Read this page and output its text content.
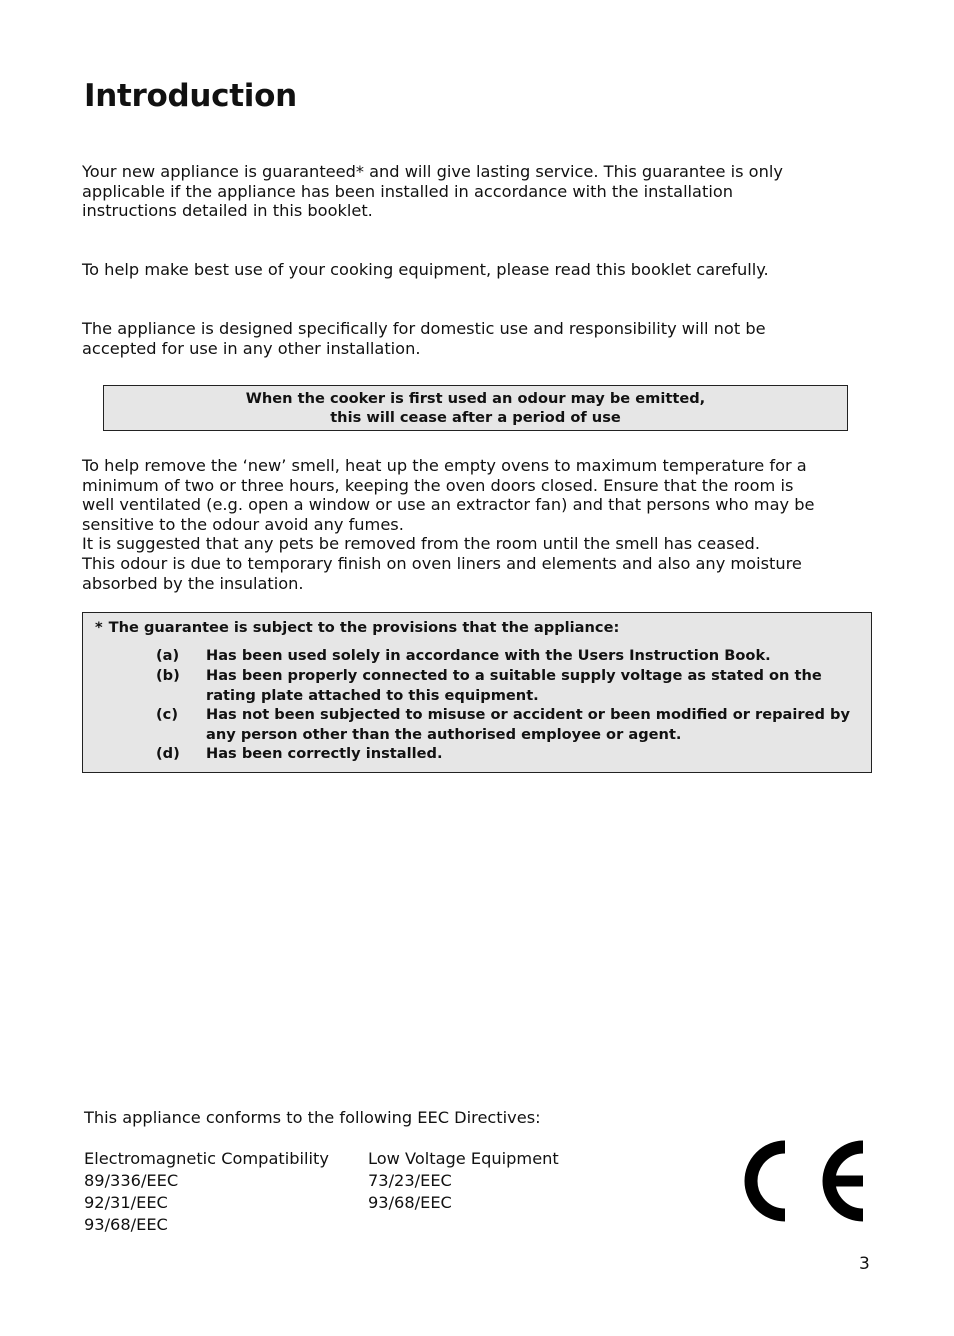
Introduction

Your new appliance is guaranteed* and will give lasting service. This guarantee is only
applicable if the appliance has been installed in accordance with the installation
instructions detailed in this booklet.

To help make best use of your cooking equipment, please read this booklet carefully.

The appliance is designed specifically for domestic use and responsibility will not be
accepted for use in any other installation.

When the cooker is first used an odour may be emitted,
this will cease after a period of use

To help remove the ‘new’ smell, heat up the empty ovens to maximum temperature for a
minimum of two or three hours, keeping the oven doors closed. Ensure that the room is
well ventilated (e.g. open a window or use an extractor fan) and that persons who may be
sensitive to the odour avoid any fumes.
It is suggested that any pets be removed from the room until the smell has ceased.
This odour is due to temporary finish on oven liners and elements and also any moisture
absorbed by the insulation.

* The guarantee is subject to the provisions that the appliance:

(a) Has been used solely in accordance with the Users Instruction Book.
(b) Has been properly connected to a suitable supply voltage as stated on the rating plate attached to this equipment.
(c) Has not been subjected to misuse or accident or been modified or repaired by any person other than the authorised employee or agent.
(d) Has been correctly installed.

This appliance conforms to the following EEC Directives:

Electromagnetic Compatibility
89/336/EEC
92/31/EEC
93/68/EEC
Low Voltage Equipment
73/23/EEC
93/68/EEC
3
